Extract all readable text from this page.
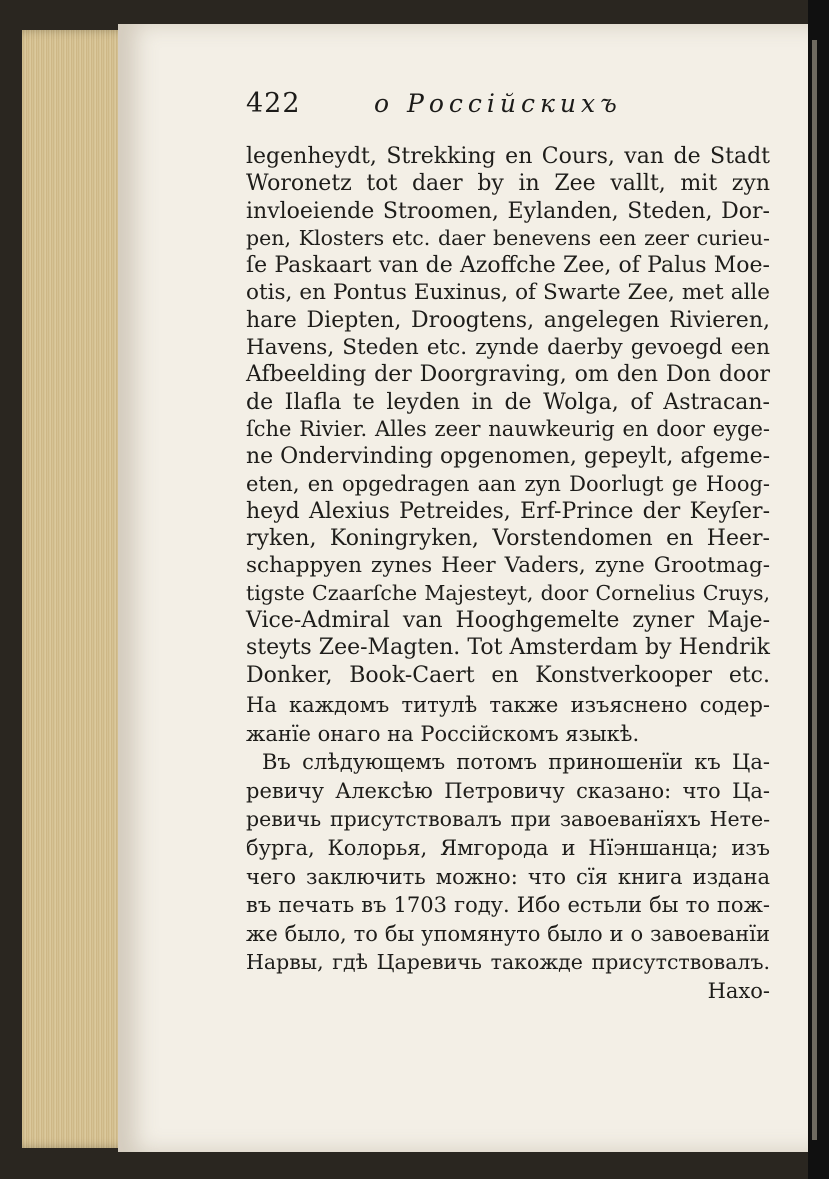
422	о Россійскихъ
legenheydt, Strekking en Cours, van de Stadt
Woronetz tot daer by in Zee vallt, mit zyn
invloeiende Stroomen, Eylanden, Steden, Dor-
pen, Klosters etc. daer benevens een zeer curieu-
ſe Paskaart van de Azoffche Zee, of Palus Moe-
otis, en Pontus Euxinus, of Swarte Zee, met alle
hare Diepten, Droogtens, angelegen Rivieren,
Havens, Steden etc. zynde daerby gevoegd een
Afbeelding der Doorgraving, om den Don door
de Ilafla te leyden in de Wolga, of Astracan-
ſche Rivier. Alles zeer nauwkeurig en door eyge-
ne Ondervinding opgenomen, gepeylt, afgeme-
eten, en opgedragen aan zyn Doorlugt ge Hoog-
heyd Alexius Petreides, Erf-Prince der Keyſer-
ryken, Koningryken, Vorstendomen en Heer-
schappyen zynes Heer Vaders, zyne Grootmag-
tigste Czaarſche Majesteyt, door Cornelius Cruys,
Vice-Admiral van Hooghgemelte zyner Maje-
steyts Zee-Magten. Tot Amsterdam by Hendrik
Donker, Book-Caert en Konstverkooper etc.
На каждомъ титулѣ также изъяснено содер-
жанїе онаго на Россійскомъ языкѣ.
Въ слѣдующемъ потомъ приношенїи къ Ца-
ревичу Алексѣю Петровичу сказано: что Ца-
ревичь присутствовалъ при завоеванїяхъ Нете-
бурга, Колорья, Ямгорода и Нїэншанца; изъ
чего заключить можно: что сїя книга издана
въ печать въ 1703 году. Ибо естьли бы то пож-
же было, то бы упомянуто было и о завоеванїи
Нарвы, гдѣ Царевичь такожде присутствовалъ.
Нахо-
